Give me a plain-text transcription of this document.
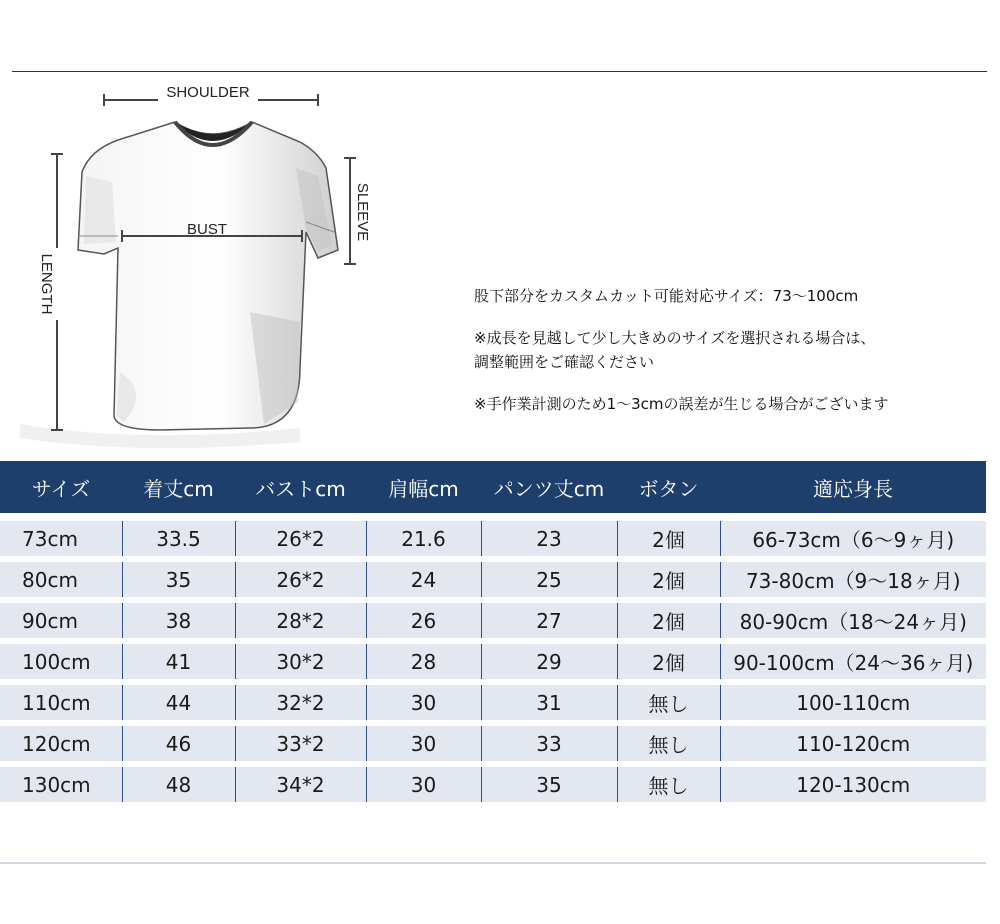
SHOULDER
BUST	SLEEVE
LENGTH	股下部分をカスタムカット可能対応サイズ：73～100cm

※成長を見越して少し大きめのサイズを選択される場合は、

調整範囲をご確認ください

※手作業計測のため1～3cmの誤差が生じる場合がございます

サイズ	着丈cm	バストcm	肩幅cm	パンツ丈cm	ボタン	適応身長
73cm	33.5	26*2	21.6	23	2個	66-73cm（6～9ヶ月)
80cm	35	26*2	24	25	2個	73-80cm（9～18ヶ月)
90cm	38	28*2	26	27	2個	80-90cm（18～24ヶ月)
100cm	41	30*2	28	29	2個	90-100cm（24～36ヶ月)
110cm	44	32*2	30	31	無し	100-110cm
120cm	46	33*2	30	33	無し	110-120cm
130cm	48	34*2	30	35	無し	120-130cm
